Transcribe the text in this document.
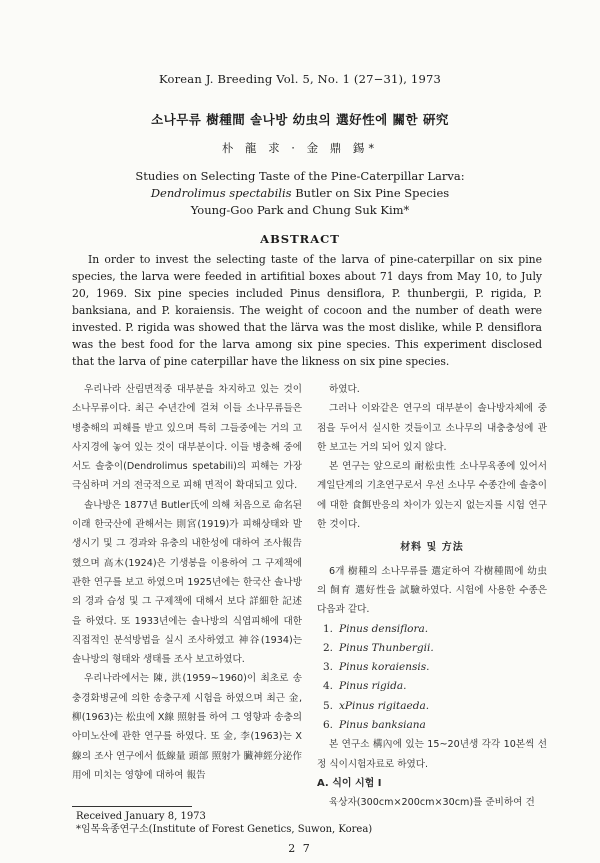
Korean J. Breeding Vol. 5, No. 1 (27−31), 1973
소나무류 樹種間 솔나방 幼虫의 選好性에 關한 硏究
朴 龍 求 · 金 鼎 錫*
Studies on Selecting Taste of the Pine-Caterpillar Larva:
Dendrolimus spectabilis Butler on Six Pine Species
Young-Goo Park and Chung Suk Kim*
ABSTRACT

In order to invest the selecting taste of the larva of pine-caterpillar on six pine species, the larva were feeded in artifitial boxes about 71 days from May 10, to July 20, 1969. Six pine species included Pinus densiflora, P. thunbergii, P. rigida, P. banksiana, and P. koraiensis. The weight of cocoon and the number of death were invested. P. rigida was showed that the lärva was the most dislike, while P. densiflora was the best food for the larva among six pine species. This experiment disclosed that the larva of pine caterpillar have the likness on six pine species.

우리나라 산림면적중 대부분을 차지하고 있는 것이 소나무류이다. 최근 수년간에 걸쳐 이들 소나무류들은 병충해의 피해를 받고 있으며 특히 그들중에는 거의 고사지경에 놓여 있는 것이 대부분이다. 이들 병충해 중에서도 솔충이(Dendrolimus spetabili)의 피해는 가장 극심하며 거의 전국적으로 피해 면적이 확대되고 있다.

솔나방은 1877년 Butler氏에 의해 처음으로 命名된 이래 한국산에 관해서는 則宮(1919)가 피해상태와 발생시기 및 그 경과와 유충의 내한성에 대하여 조사報告했으며 高木(1924)은 기생봉을 이용하여 그 구제책에 관한 연구를 보고 하였으며 1925년에는 한국산 솔나방의 경과 습성 및 그 구제책에 대해서 보다 詳細한 記述을 하였다. 또 1933년에는 솔나방의 식엽피해에 대한 직접적인 분석방법을 실시 조사하였고 神谷(1934)는 솔나방의 형태와 생태를 조사 보고하였다.

우리나라에서는 陳, 洪(1959~1960)이 최초로 송충경화병균에 의한 송충구제 시험을 하였으며 최근 金, 柳(1963)는 松虫에 X線 照射를 하여 그 영향과 송충의 아미노산에 관한 연구를 하였다. 또 金, 李(1963)는 X線의 조사 연구에서 低線量 頭部 照射가 臟神經分泌作用에 미치는 영향에 대하여 報告

하였다.

그러나 이와같은 연구의 대부분이 솔나방자체에 중점을 두어서 실시한 것들이고 소나무의 내충충성에 관한 보고는 거의 되어 있지 않다.

본 연구는 앞으로의 耐松虫性 소나무육종에 있어서 계일단계의 기초연구로서 우선 소나무 수종간에 솔충이에 대한 食餌반응의 차이가 있는지 없는지를 시험 연구한 것이다.

材料 및 方法

6개 樹種의 소나무류를 選定하여 각樹種間에 幼虫의 飼育 選好性을 試驗하였다. 시험에 사용한 수종은 다음과 같다.

1. Pinus densiflora.
2. Pinus Thunbergii.
3. Pinus koraiensis.
4. Pinus rigida.
5. xPinus rigitaeda.
6. Pinus banksiana

본 연구소 構內에 있는 15~20년생 각각 10본씩 선정 식이시험자료로 하였다.

A. 식이 시험 I

육상자(300cm×200cm×30cm)를 준비하여 건

Received January 8, 1973
*임목육종연구소(Institute of Forest Genetics, Suwon, Korea)
2 7
